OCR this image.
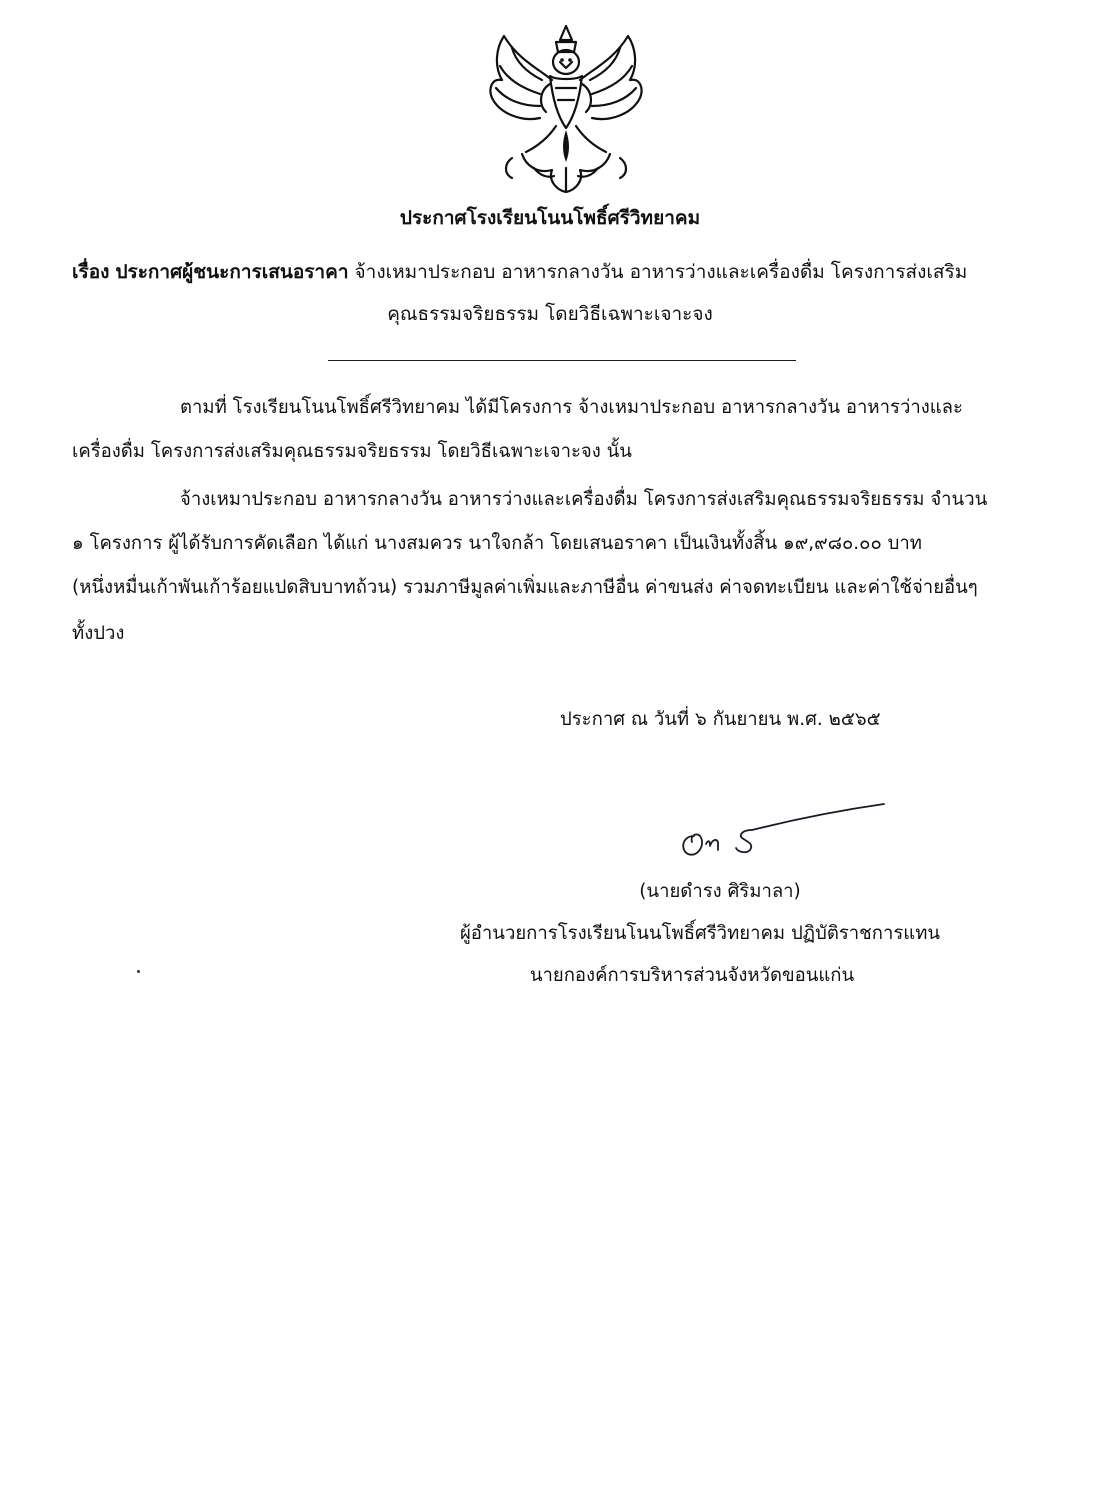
ประกาศโรงเรียนโนนโพธิ์ศรีวิทยาคม
เรื่อง ประกาศผู้ชนะการเสนอราคา จ้างเหมาประกอบ อาหารกลางวัน อาหารว่างและเครื่องดื่ม โครงการส่งเสริม
คุณธรรมจริยธรรม โดยวิธีเฉพาะเจาะจง
ตามที่ โรงเรียนโนนโพธิ์ศรีวิทยาคม ได้มีโครงการ จ้างเหมาประกอบ อาหารกลางวัน อาหารว่างและ
เครื่องดื่ม โครงการส่งเสริมคุณธรรมจริยธรรม โดยวิธีเฉพาะเจาะจง นั้น
จ้างเหมาประกอบ อาหารกลางวัน อาหารว่างและเครื่องดื่ม โครงการส่งเสริมคุณธรรมจริยธรรม จำนวน
๑ โครงการ ผู้ได้รับการคัดเลือก ได้แก่ นางสมควร นาใจกล้า โดยเสนอราคา เป็นเงินทั้งสิ้น ๑๙,๙๘๐.๐๐ บาท
(หนึ่งหมื่นเก้าพันเก้าร้อยแปดสิบบาทถ้วน) รวมภาษีมูลค่าเพิ่มและภาษีอื่น ค่าขนส่ง ค่าจดทะเบียน และค่าใช้จ่ายอื่นๆ
ทั้งปวง
ประกาศ ณ วันที่ ๖ กันยายน พ.ศ. ๒๕๖๕
(นายดำรง ศิริมาลา)
ผู้อำนวยการโรงเรียนโนนโพธิ์ศรีวิทยาคม ปฏิบัติราชการแทน
นายกองค์การบริหารส่วนจังหวัดขอนแก่น
